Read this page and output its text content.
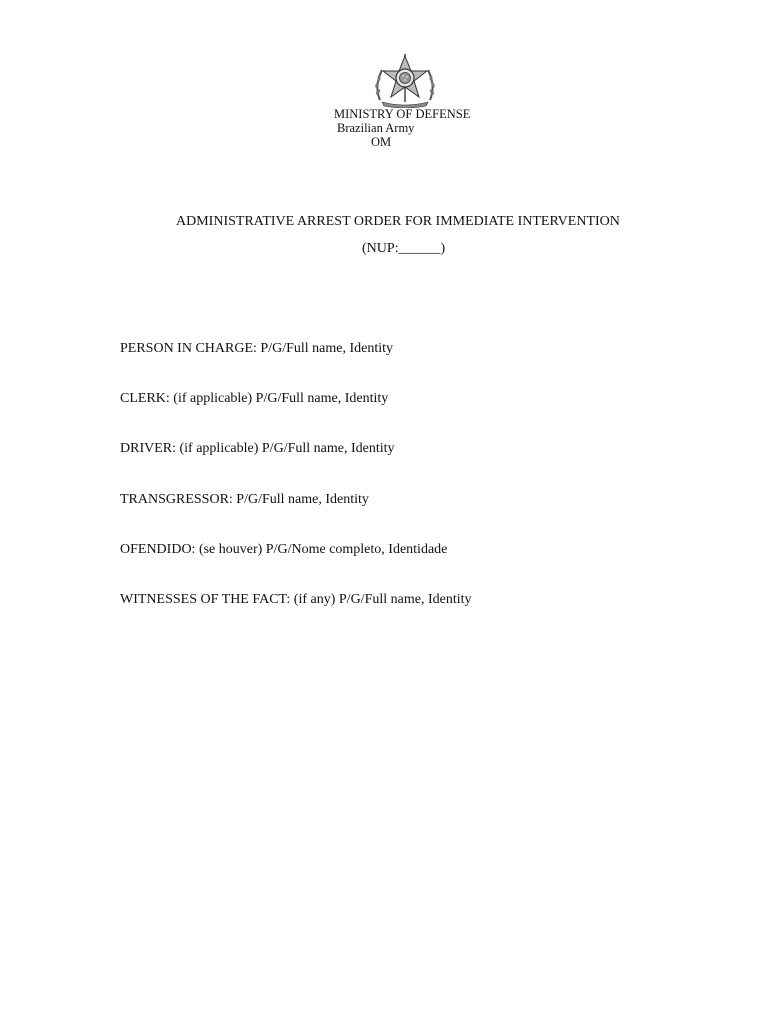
MINISTRY OF DEFENSE
Brazilian Army
OM
ADMINISTRATIVE ARREST ORDER FOR IMMEDIATE INTERVENTION
(NUP:______)
PERSON IN CHARGE: P/G/Full name, Identity
CLERK: (if applicable) P/G/Full name, Identity
DRIVER: (if applicable) P/G/Full name, Identity
TRANSGRESSOR: P/G/Full name, Identity
OFENDIDO: (se houver) P/G/Nome completo, Identidade
WITNESSES OF THE FACT: (if any) P/G/Full name, Identity
